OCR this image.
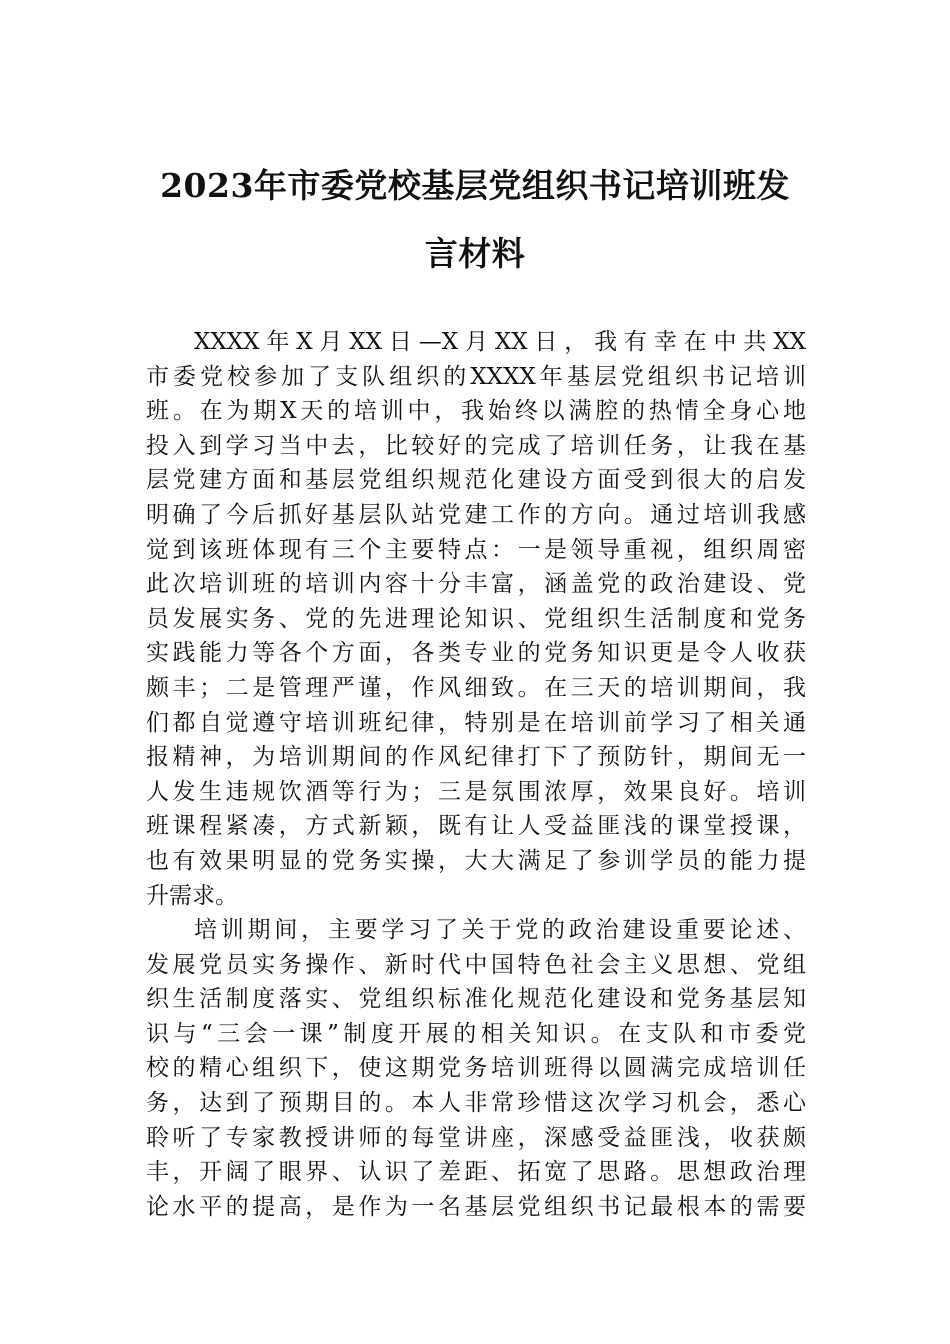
2023年市委党校基层党组织书记培训班发
言材料
XXXX年X月XX日—X月XX日，我有幸在中共XX
市委党校参加了支队组织的XXXX年基层党组织书记培训
班。在为期X天的培训中，我始终以满腔的热情全身心地
投入到学习当中去，比较好的完成了培训任务，让我在基
层党建方面和基层党组织规范化建设方面受到很大的启发
明确了今后抓好基层队站党建工作的方向。通过培训我感
觉到该班体现有三个主要特点：一是领导重视，组织周密
此次培训班的培训内容十分丰富，涵盖党的政治建设、党
员发展实务、党的先进理论知识、党组织生活制度和党务
实践能力等各个方面，各类专业的党务知识更是令人收获
颇丰；二是管理严谨，作风细致。在三天的培训期间，我
们都自觉遵守培训班纪律，特别是在培训前学习了相关通
报精神，为培训期间的作风纪律打下了预防针，期间无一
人发生违规饮酒等行为；三是氛围浓厚，效果良好。培训
班课程紧凑，方式新颖，既有让人受益匪浅的课堂授课，
也有效果明显的党务实操，大大满足了参训学员的能力提
升需求。
培训期间，主要学习了关于党的政治建设重要论述、
发展党员实务操作、新时代中国特色社会主义思想、党组
织生活制度落实、党组织标准化规范化建设和党务基层知
识与“三会一课”制度开展的相关知识。在支队和市委党
校的精心组织下，使这期党务培训班得以圆满完成培训任
务，达到了预期目的。本人非常珍惜这次学习机会，悉心
聆听了专家教授讲师的每堂讲座，深感受益匪浅，收获颇
丰，开阔了眼界、认识了差距、拓宽了思路。思想政治理
论水平的提高，是作为一名基层党组织书记最根本的需要
